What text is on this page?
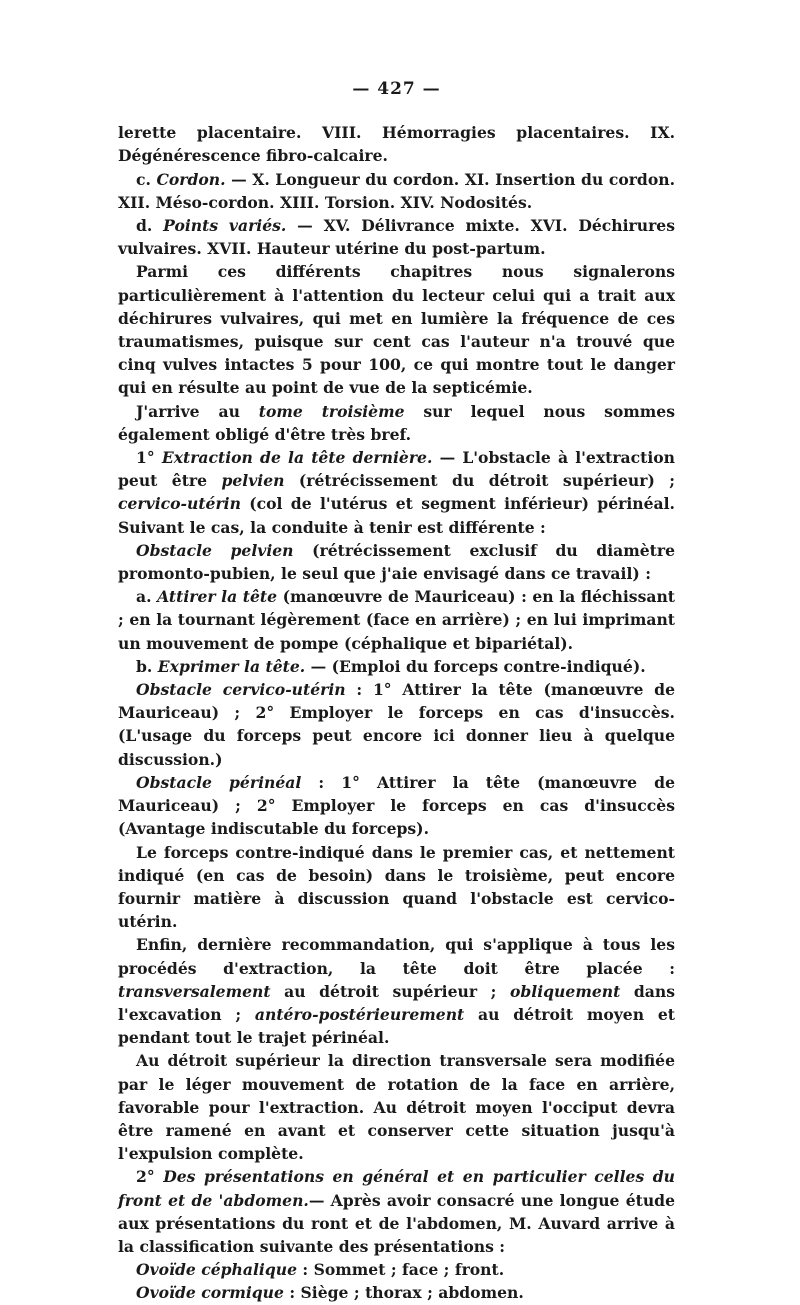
— 427 —

lerette placentaire. VIII. Hémorragies placentaires. IX. Dégénérescence fibro-calcaire.

c. Cordon. — X. Longueur du cordon. XI. Insertion du cordon. XII. Méso-cordon. XIII. Torsion. XIV. Nodosités.

d. Points variés. — XV. Délivrance mixte. XVI. Déchirures vulvaires. XVII. Hauteur utérine du post-partum.

Parmi ces différents chapitres nous signalerons particulièrement à l'attention du lecteur celui qui a trait aux déchirures vulvaires, qui met en lumière la fréquence de ces traumatismes, puisque sur cent cas l'auteur n'a trouvé que cinq vulves intactes 5 pour 100, ce qui montre tout le danger qui en résulte au point de vue de la septicémie.

J'arrive au tome troisième sur lequel nous sommes également obligé d'être très bref.

1° Extraction de la tête dernière. — L'obstacle à l'extraction peut être pelvien (rétrécissement du détroit supérieur) ; cervico-utérin (col de l'utérus et segment inférieur) périnéal. Suivant le cas, la conduite à tenir est différente :

Obstacle pelvien (rétrécissement exclusif du diamètre promonto-pubien, le seul que j'aie envisagé dans ce travail) :

a. Attirer la tête (manœuvre de Mauriceau) : en la fléchissant ; en la tournant légèrement (face en arrière) ; en lui imprimant un mouvement de pompe (céphalique et bipariétal).

b. Exprimer la tête. — (Emploi du forceps contre-indiqué).

Obstacle cervico-utérin : 1° Attirer la tête (manœuvre de Mauriceau) ; 2° Employer le forceps en cas d'insuccès. (L'usage du forceps peut encore ici donner lieu à quelque discussion.)

Obstacle périnéal : 1° Attirer la tête (manœuvre de Mauriceau) ; 2° Employer le forceps en cas d'insuccès (Avantage indiscutable du forceps).

Le forceps contre-indiqué dans le premier cas, et nettement indiqué (en cas de besoin) dans le troisième, peut encore fournir matière à discussion quand l'obstacle est cervico-utérin.

Enfin, dernière recommandation, qui s'applique à tous les procédés d'extraction, la tête doit être placée : transversalement au détroit supérieur ; obliquement dans l'excavation ; antéro-postérieurement au détroit moyen et pendant tout le trajet périnéal.

Au détroit supérieur la direction transversale sera modifiée par le léger mouvement de rotation de la face en arrière, favorable pour l'extraction. Au détroit moyen l'occiput devra être ramené en avant et conserver cette situation jusqu'à l'expulsion complète.

2° Des présentations en général et en particulier celles du front et de 'abdomen.— Après avoir consacré une longue étude aux présentations du ront et de l'abdomen, M. Auvard arrive à la classification suivante des présentations :

Ovoïde céphalique : Sommet ; face ; front.

Ovoïde cormique : Siège ; thorax ; abdomen.
